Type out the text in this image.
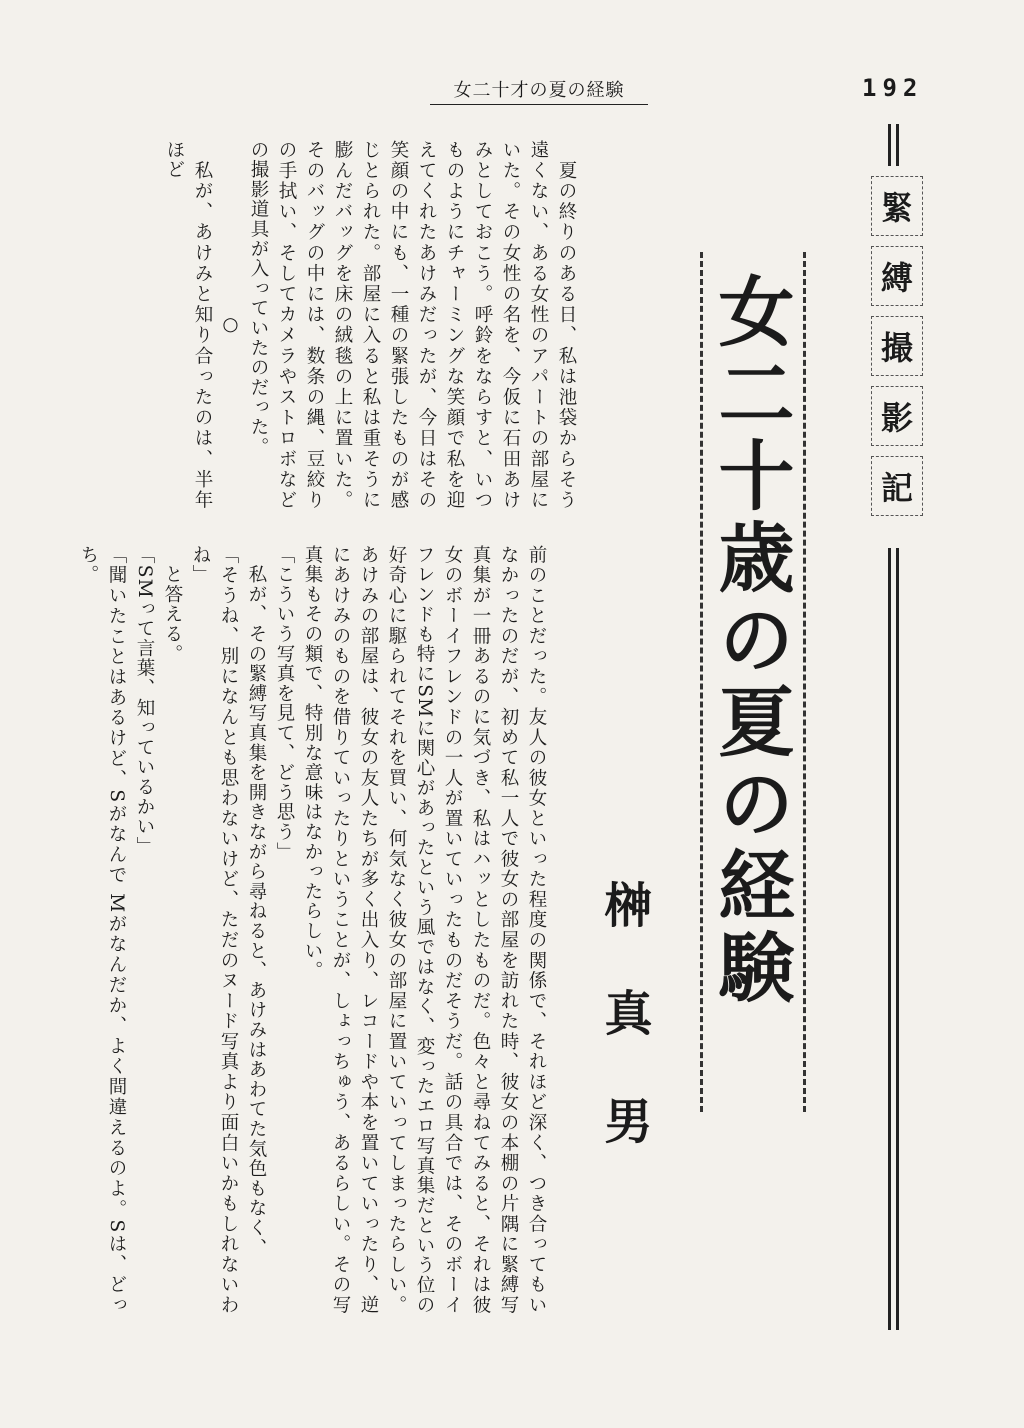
女二十才の夏の経験	192
緊
縛
撮
影
記
女二十歳の夏の経験
榊真男

　夏の終りのある日、私は池袋からそう遠くない、ある女性のアパートの部屋にいた。その女性の名を、今仮に石田あけみとしておこう。呼鈴をならすと、いつものようにチャーミングな笑顔で私を迎えてくれたあけみだったが、今日はその笑顔の中にも、一種の緊張したものが感じとられた。部屋に入ると私は重そうに膨んだバッグを床の絨毯の上に置いた。そのバッグの中には、数条の縄、豆絞りの手拭い、そしてカメラやストロボなどの撮影道具が入っていたのだった。

○

　私が、あけみと知り合ったのは、半年ほど

前のことだった。友人の彼女といった程度の関係で、それほど深く、つき合ってもいなかったのだが、初めて私一人で彼女の部屋を訪れた時、彼女の本棚の片隅に緊縛写真集が一冊あるのに気づき、私はハッとしたものだ。色々と尋ねてみると、それは彼女のボーイフレンドの一人が置いていったものだそうだ。話の具合では、そのボーイフレンドも特にSMに関心があったという風ではなく、変ったエロ写真集だという位の好奇心に駆られてそれを買い、何気なく彼女の部屋に置いていってしまったらしい。あけみの部屋は、彼女の友人たちが多く出入り、レコードや本を置いていったり、逆にあけみのものを借りていったりということが、しょっちゅう、あるらしい。その写真集もその類で、特別な意味はなかったらしい。

「こういう写真を見て、どう思う」

　私が、その緊縛写真集を開きながら尋ねると、あけみはあわてた気色もなく、

「そうね、別になんとも思わないけど、ただのヌード写真より面白いかもしれないわね」

　と答える。

「SMって言葉、知っているかい」

「聞いたことはあるけど、Sがなんで Mがなんだか、よく間違えるのよ。Sは、どっち。
